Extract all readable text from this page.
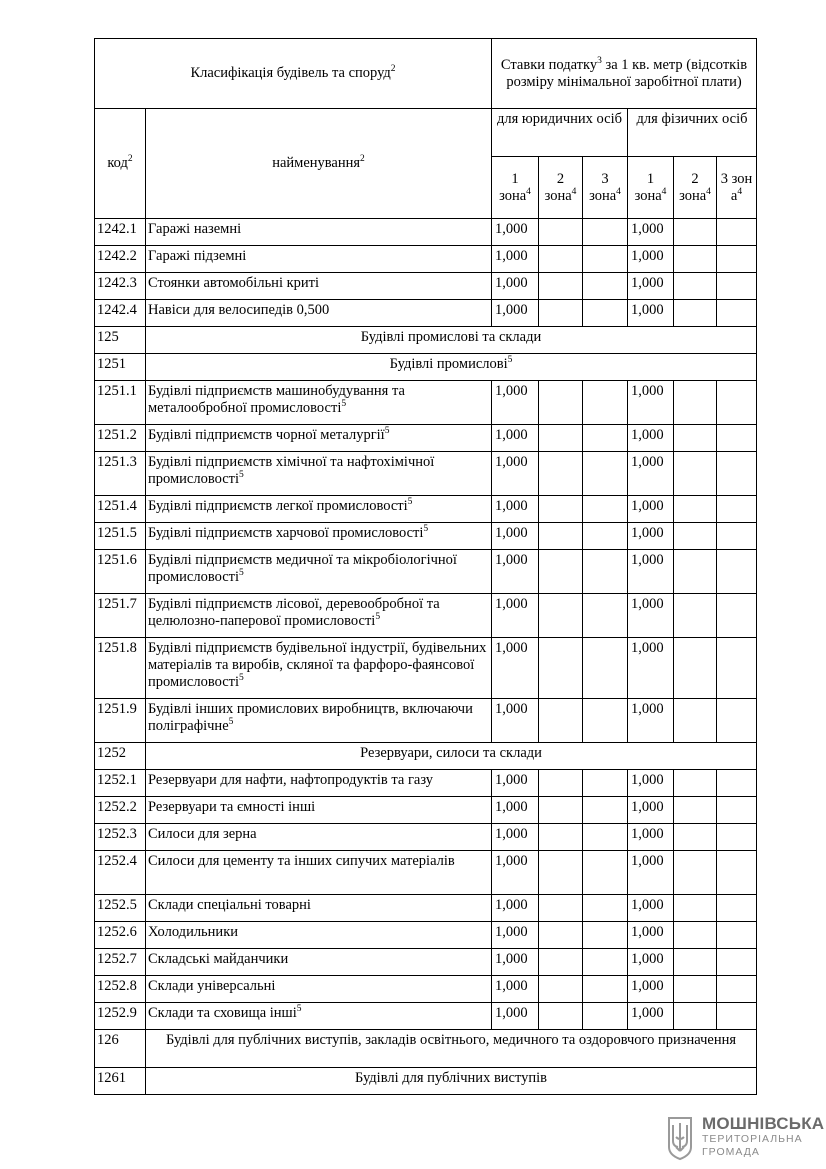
Класифікація будівель та споруд$^2$		Ставки податку$^3$ за 1 кв. метр (відсотків розміру мінімальної заробітної плати)					
код$^2$	найменування$^2$	для юридичних осіб			для фізичних осіб		
		1 зона$^4$	2 зона$^4$	3 зона$^4$	1 зона$^4$	2 зона$^4$	3 зон $а^4$
1242.1	Гаражі наземні	1,000			1,000		
1242.2	Гаражі підземні	1,000			1,000		
1242.3	Стоянки автомобільні криті	1,000			1,000		
1242.4	Навіси для велосипедів 0,500	1,000			1,000		
125	Будівлі промислові та склади						
1251	Будівлі промислові$^5$
1251.1	Будівлі підприємств машинобудування та металообробної промисловості$^5$	1,000			1,000		
1251.2	Будівлі підприємств чорної металургії$^5$	1,000			1,000		
1251.3	Будівлі підприємств хімічної та нафтохімічної промисловості$^5$	1,000			1,000		
1251.4	Будівлі підприємств легкої промисловості$^5$	1,000			1,000		
1251.5	Будівлі підприємств харчової промисловості$^5$	1,000			1,000		
1251.6	Будівлі підприємств медичної та мікробіологічної промисловості$^5$	1,000			1,000		
1251.7	Будівлі підприємств лісової, деревообробної та целюлозно-паперової промисловості$^5$	1,000			1,000		
1251.8	Будівлі підприємств будівельної індустрії, будівельних матеріалів та виробів, скляної та фарфоро-фаянсової промисловості$^5$	1,000			1,000		
1251.9	Будівлі інших промислових виробництв, включаючи поліграфічне$^5$	1,000			1,000		
1252	Резервуари, силоси та склади						
1252.1	Резервуари для нафти, нафтопродуктів та газу	1,000			1,000		
1252.2	Резервуари та ємності інші	1,000			1,000		
1252.3	Силоси для зерна	1,000			1,000		
1252.4	Силоси для цементу та інших сипучих матеріалів	1,000			1,000		
1252.5	Склади спеціальні товарні	1,000			1,000		
1252.6	Холодильники	1,000			1,000		
1252.7	Складські майданчики	1,000			1,000		
1252.8	Склади універсальні	1,000			1,000		
1252.9	Склади та сховища інші$^5$	1,000			1,000		
126	Будівлі для публічних виступів, закладів освітнього, медичного та оздоровчого призначення						
1261	Будівлі для публічних виступів						
МОШНІВСЬКА
ТЕРИТОРІАЛЬНА
ГРОМАДА
